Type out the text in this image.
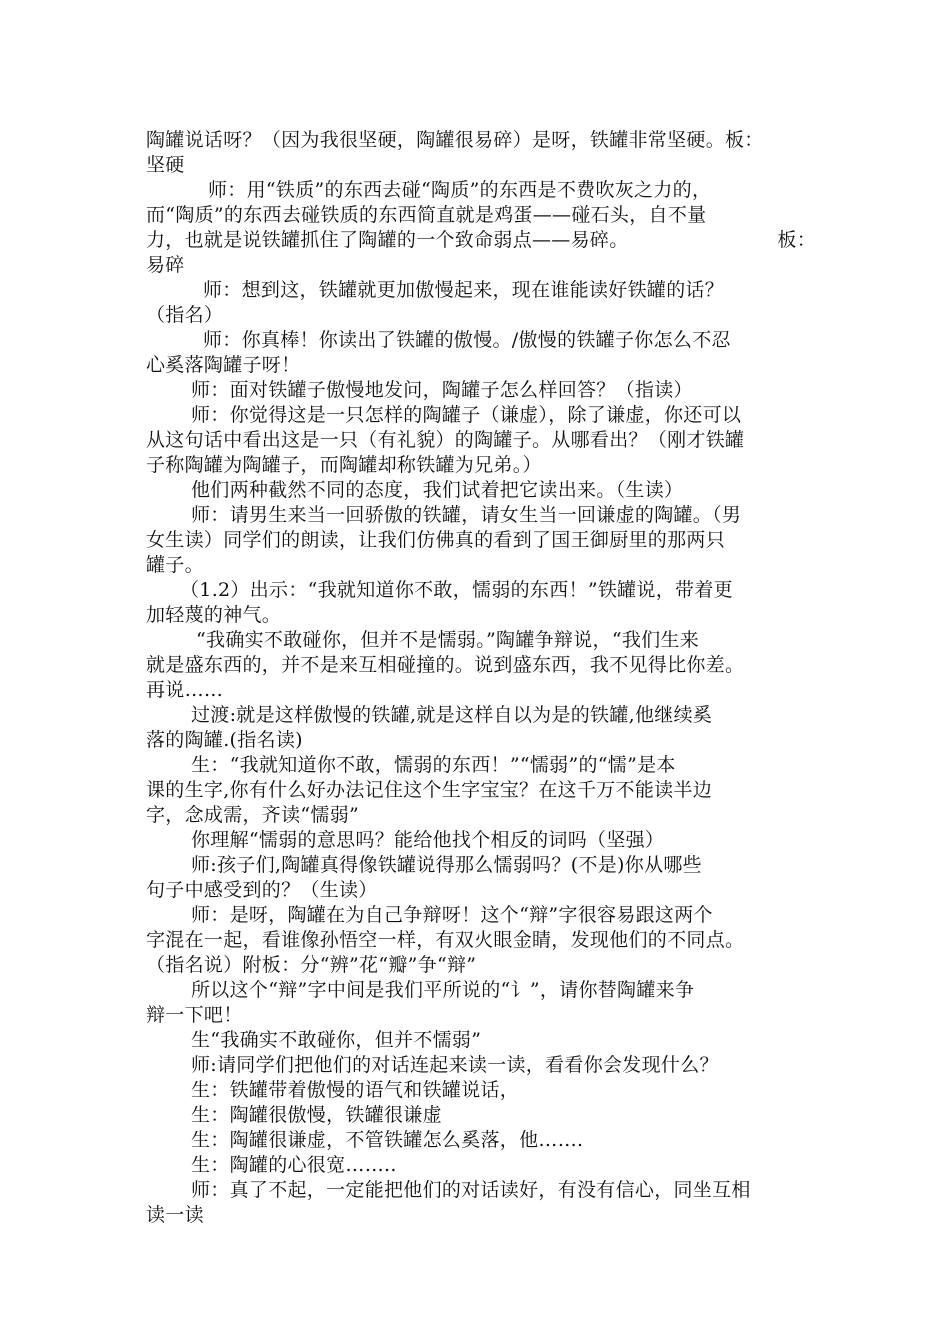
陶罐说话呀？（因为我很坚硬，陶罐很易碎）是呀，铁罐非常坚硬。板：
坚硬
师：用“铁质”的东西去碰“陶质”的东西是不费吹灰之力的，
而“陶质”的东西去碰铁质的东西简直就是鸡蛋——碰石头，自不量
力，也就是说铁罐抓住了陶罐的一个致命弱点——易碎。	板：
易碎
师：想到这，铁罐就更加傲慢起来，现在谁能读好铁罐的话？
（指名）
师：你真棒！你读出了铁罐的傲慢。/傲慢的铁罐子你怎么不忍
心奚落陶罐子呀！
师：面对铁罐子傲慢地发问，陶罐子怎么样回答？（指读）
师：你觉得这是一只怎样的陶罐子（谦虚），除了谦虚，你还可以
从这句话中看出这是一只（有礼貌）的陶罐子。从哪看出？（刚才铁罐
子称陶罐为陶罐子，而陶罐却称铁罐为兄弟。）
他们两种截然不同的态度，我们试着把它读出来。（生读）
师：请男生来当一回骄傲的铁罐，请女生当一回谦虚的陶罐。（男
女生读）同学们的朗读，让我们仿佛真的看到了国王御厨里的那两只
罐子。
（1.2）出示：“我就知道你不敢，懦弱的东西！”铁罐说，带着更
加轻蔑的神气。
“我确实不敢碰你，但并不是懦弱。”陶罐争辩说，“我们生来
就是盛东西的，并不是来互相碰撞的。说到盛东西，我不见得比你差。
再说……
过渡:就是这样傲慢的铁罐,就是这样自以为是的铁罐,他继续奚
落的陶罐.(指名读)
生：“我就知道你不敢，懦弱的东西！”“懦弱”的“懦”是本
课的生字,你有什么好办法记住这个生字宝宝？在这千万不能读半边
字，念成需，齐读“懦弱”
你理解“懦弱的意思吗？能给他找个相反的词吗（坚强）
师:孩子们,陶罐真得像铁罐说得那么懦弱吗？(不是)你从哪些
句子中感受到的？（生读）
师：是呀，陶罐在为自己争辩呀！这个“辩”字很容易跟这两个
字混在一起，看谁像孙悟空一样，有双火眼金睛，发现他们的不同点。
（指名说）附板：分“辨”花“瓣”争“辩”
所以这个“辩”字中间是我们平所说的“讠”，请你替陶罐来争
辩一下吧！
生“我确实不敢碰你，但并不懦弱”
师:请同学们把他们的对话连起来读一读，看看你会发现什么？
生：铁罐带着傲慢的语气和铁罐说话，
生：陶罐很傲慢，铁罐很谦虚
生：陶罐很谦虚，不管铁罐怎么奚落，他…….
生：陶罐的心很宽……..
师：真了不起，一定能把他们的对话读好，有没有信心，同坐互相
读一读
